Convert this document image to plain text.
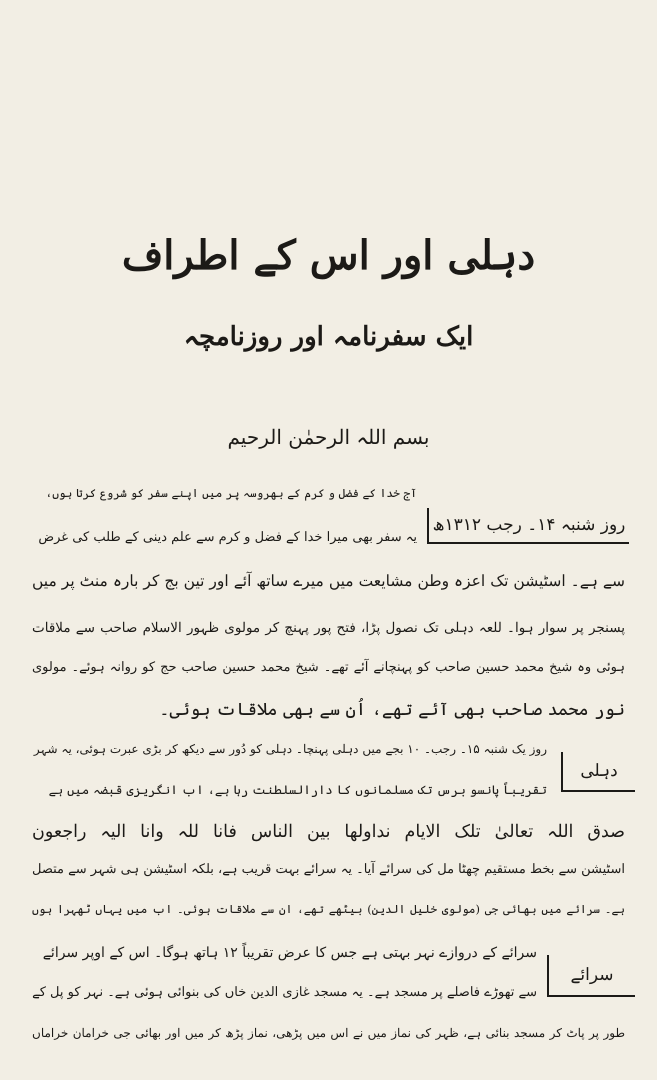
دہلی اور اس کے اطراف
ایک سفرنامہ اور روزنامچہ
بسم اللہ الرحمٰن الرحیم
روز شنبہ ۱۴۔ رجب ۱۳۱۲ھ
دہلی
سرائے
آج خدا کے فضل و کرم کے بھروسہ پر میں اپنے سفر کو شروع کرتا ہوں،
یہ سفر بھی میرا خدا کے فضل و کرم سے علم دینی کے طلب کی غرض
سے ہے۔ اسٹیشن تک اعزہ وطن مشایعت میں میرے ساتھ آئے اور تین بج کر بارہ منٹ پر میں
پسنجر پر سوار ہوا۔ للعہ دہلی تک نصول پڑا، فتح پور پہنچ کر مولوی ظہور الاسلام صاحب سے ملاقات
ہوئی وہ شیخ محمد حسین صاحب کو پہنچانے آئے تھے۔ شیخ محمد حسین صاحب حج کو روانہ ہوئے۔ مولوی
نور محمد صاحب بھی آئے تھے، اُن سے بھی ملاقات ہوئی۔
روز یک شنبہ ۱۵۔ رجب۔ ۱۰ بجے میں دہلی پہنچا۔ دہلی کو دُور سے دیکھ کر بڑی عبرت ہوئی، یہ شہر
تقریباً پانسو برس تک مسلمانوں کا دارالسلطنت رہا ہے، اب انگریزی قبضہ میں ہے
صدق اللہ تعالیٰ تلک الایام نداولھا بین الناس فانا للہ وانا الیہ راجعون
اسٹیشن سے بخط مستقیم چھٹا مل کی سرائے آیا۔ یہ سرائے بہت قریب ہے، بلکہ اسٹیشن ہی شہر سے متصل
ہے۔ سرائے میں بھائی جی (مولوی خلیل الدین) بیٹھے تھے، ان سے ملاقات ہوئی۔ اب میں یہاں ٹھہرا ہوں
سرائے کے دروازے نہر بہتی ہے جس کا عرض تقریباً ۱۲ ہاتھ ہوگا۔ اس کے اوپر سرائے
سے تھوڑے فاصلے پر مسجد ہے۔ یہ مسجد غازی الدین خاں کی بنوائی ہوئی ہے۔ نہر کو پل کے
طور پر پاٹ کر مسجد بنائی ہے، ظہر کی نماز میں نے اس میں پڑھی، نماز پڑھ کر میں اور بھائی جی خرامان خراماں
